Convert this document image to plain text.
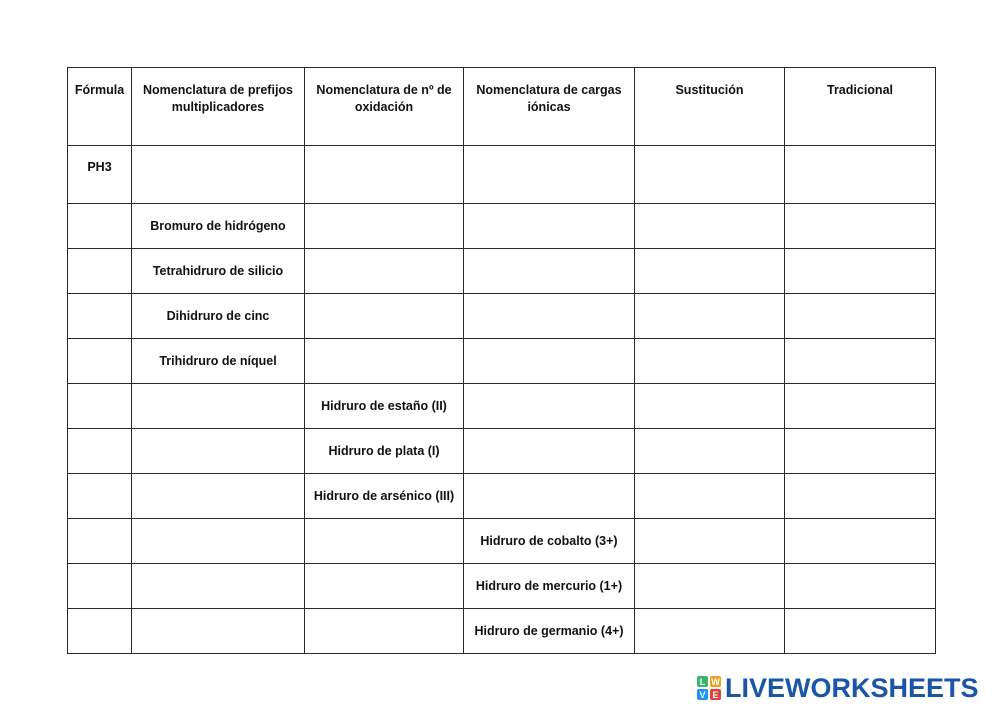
Fórmula	Nomenclatura de prefijos multiplicadores	Nomenclatura de nº de oxidación	Nomenclatura de cargas iónicas	Sustitución	Tradicional
PH3					
	Bromuro de hidrógeno				
	Tetrahidruro de silicio				
	Dihidruro de cinc				
	Trihidruro de níquel				
		Hidruro de estaño (II)			
		Hidruro de plata (I)			
		Hidruro de arsénico (III)			
			Hidruro de cobalto (3+)		
			Hidruro de mercurio (1+)		
			Hidruro de germanio (4+)		
L W
V E LIVEWORKSHEETS
